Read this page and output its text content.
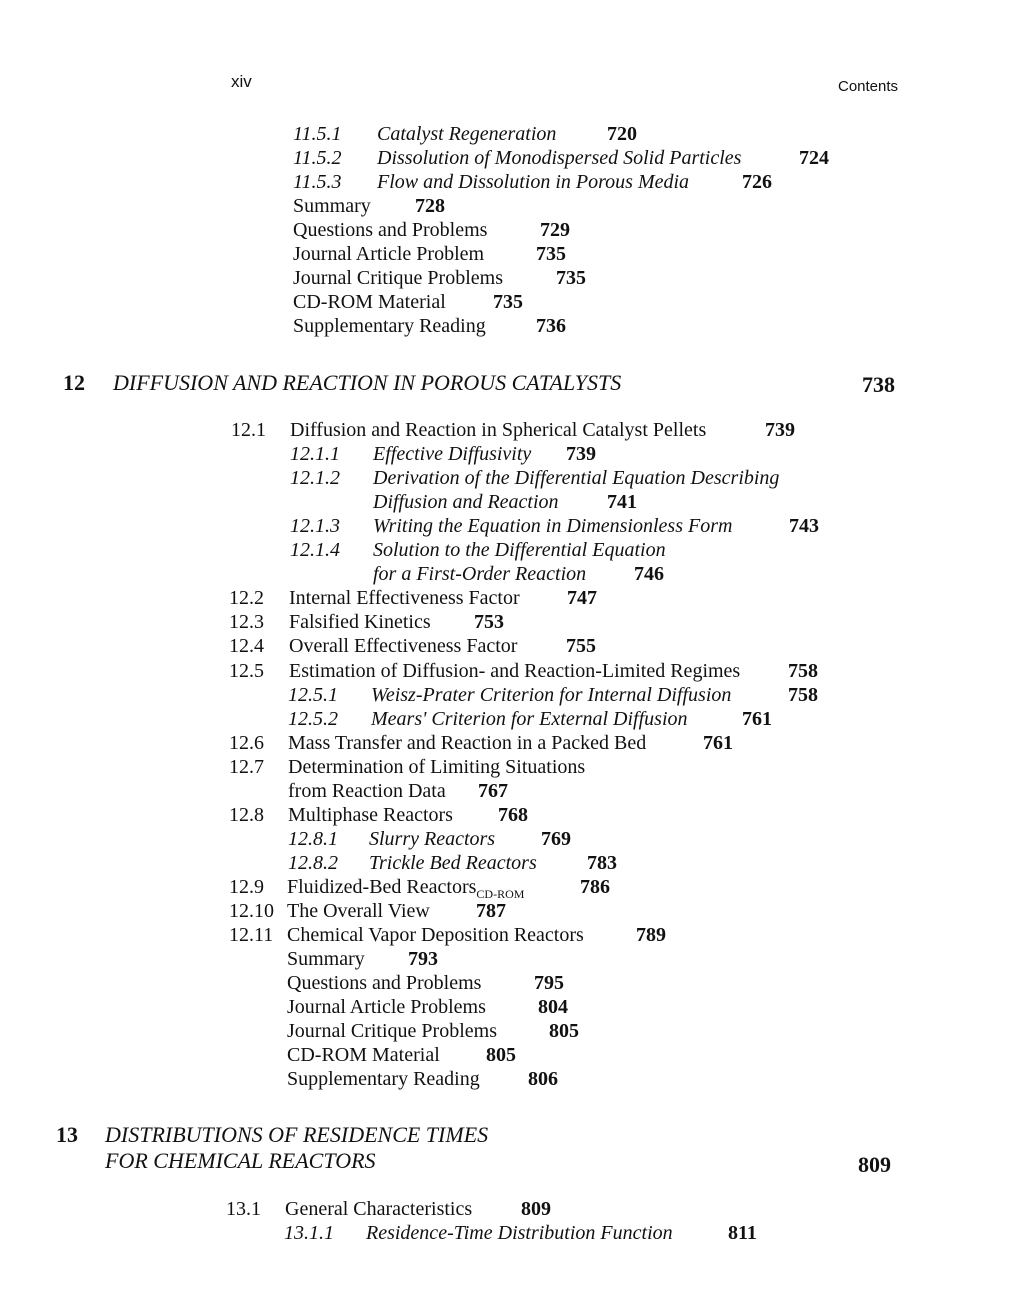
xiv	Contents
11.5.1 Catalyst Regeneration	720
11.5.2 Dissolution of Monodispersed Solid Particles	724
11.5.3 Flow and Dissolution in Porous Media	726
Summary 728
Questions and Problems	729
Journal Article Problem	735
Journal Critique Problems	735
CD-ROM Material 735
Supplementary Reading	736
12 DIFFUSION AND REACTION IN POROUS CATALYSTS	738
12.1 Diffusion and Reaction in Spherical Catalyst Pellets	739
12.1.1 Effective Diffusivity 739
12.1.2 Derivation of the Differential Equation Describing
Diffusion and Reaction 741
12.1.3 Writing the Equation in Dimensionless Form	743
12.1.4 Solution to the Differential Equation
for a First-Order Reaction 746
12.2 Internal Effectiveness Factor 747
12.3 Falsified Kinetics 753
12.4 Overall Effectiveness Factor 755
12.5 Estimation of Diffusion- and Reaction-Limited Regimes 758
12.5.1 Weisz-Prater Criterion for Internal Diffusion	758
12.5.2 Mears' Criterion for External Diffusion	761
12.6 Mass Transfer and Reaction in a Packed Bed	761
12.7 Determination of Limiting Situations
from Reaction Data 767
12.8 Multiphase Reactors 768
12.8.1 Slurry Reactors 769
12.8.2 Trickle Bed Reactors	783
12.9 Fluidized-Bed Reactors$_{CD-ROM}$	786
12.10 The Overall View 787
12.11 Chemical Vapor Deposition Reactors	789
Summary 793
Questions and Problems	795
Journal Article Problems	804
Journal Critique Problems	805
CD-ROM Material 805
Supplementary Reading 806
13 DISTRIBUTIONS OF RESIDENCE TIMES
FOR CHEMICAL REACTORS	809
13.1 General Characteristics 809
13.1.1 Residence-Time Distribution Function	811
